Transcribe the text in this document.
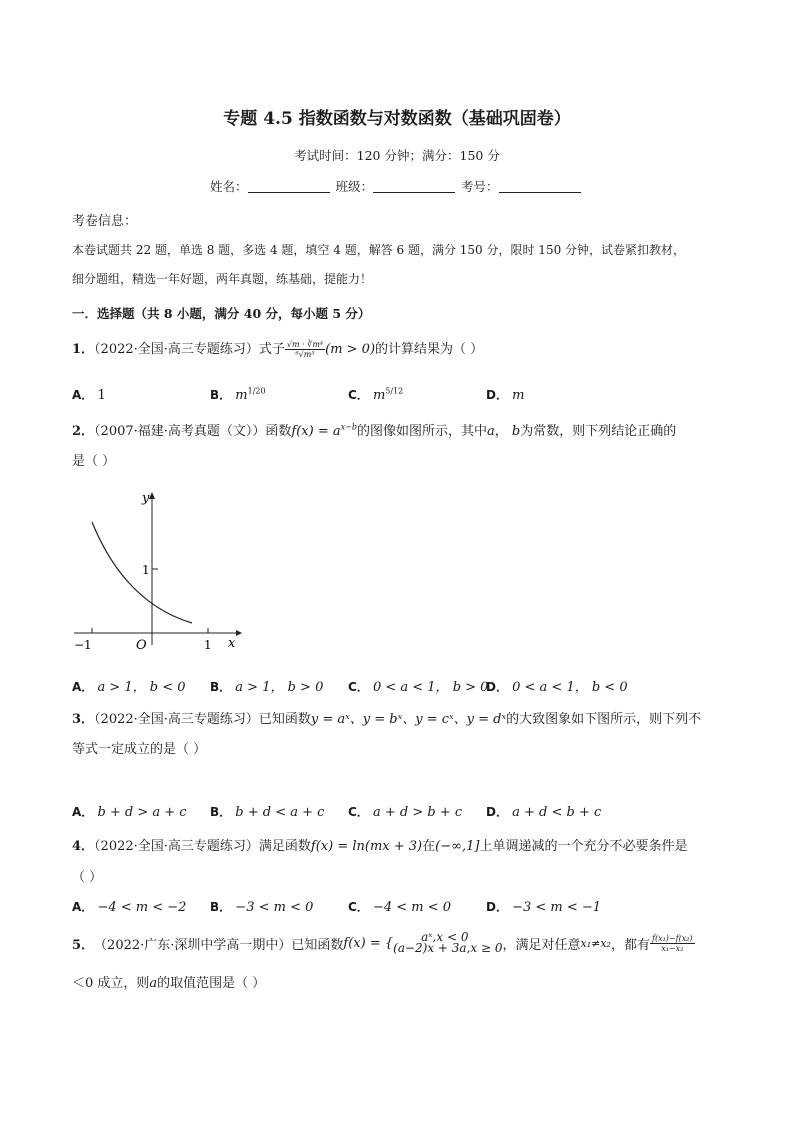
专题 4.5 指数函数与对数函数（基础巩固卷）
考试时间：120 分钟；满分：150 分
姓名：	班级：	考号：
考卷信息：
本卷试题共 22 题，单选 8 题，多选 4 题，填空 4 题，解答 6 题，满分 150 分，限时 150 分钟，试卷紧扣教材，
细分题组，精选一年好题，两年真题，练基础，提能力！
一．选择题（共 8 小题，满分 40 分，每小题 5 分）
1．（2022·全国·高三专题练习）式子 $\frac{\text{√m · ∛m⁴}}{\text{⁶√m⁵}} (m > 0)$的计算结果为（ ）
A． 1	B． $m^{1/20}$	C． $m^{5/12}$	D． m
2．（2007·福建·高考真题（文））函数$f(x) = a^{x-b}$的图像如图所示，其中a， b为常数，则下列结论正确的
是（ ）
y
x
O
1
−1	1
A． a > 1， b < 0 B． a > 1， b > 0 C． 0 < a < 1， b > 0
D． 0 < a < 1， b < 0
3．（2022·全国·高三专题练习）已知函数y = aˣ、y = bˣ、y = cˣ、y = dˣ的大致图象如下图所示，则下列不
等式一定成立的是（ ）
A． b + d > a + c B． b + d < a + c C． a + d > b + c D． a + d < b + c
4．（2022·全国·高三专题练习）满足函数f(x) = ln(mx + 3)在(−∞,1]上单调递减的一个充分不必要条件是
（ ）
A． −4 < m < −2 B． −3 < m < 0	C． −4 < m < 0	D． −3 < m < −1
5． （2022·广东·深圳中学高一期中） 已知函数 f(x) = {	aˣ,x < 0
(a−2)x + 3a,x ≥ 0 ，满足对任意 x₁≠x₂ ，都有 $\frac{\text{f(x₁)−f(x₂)}}{\text{x₁−x₂}}$
＜0 成立，则a的取值范围是（ ）
